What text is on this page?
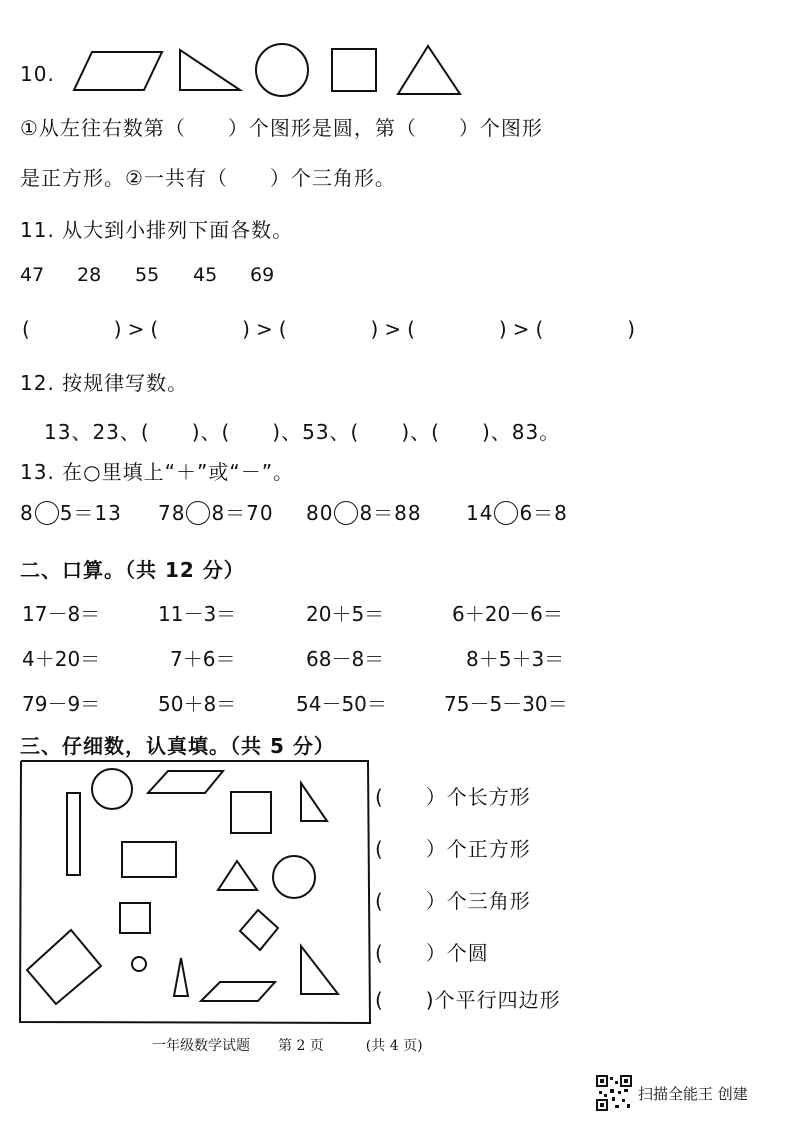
10.
①从左往右数第（　　）个图形是圆，第（　　）个图形
是正方形。②一共有（　　）个三角形。
11. 从大到小排列下面各数。
47 28 55 45 69
(　　　)>(　　　)>(　　　)>(　　　)>(　　　)
12. 按规律写数。
13、23、(　　)、(　　)、53、(　　)、(　　)、83。
13. 在○里填上“＋”或“－”。
8 5＝13 78 8＝70 80 8＝88 14 6＝8
二、口算。（共 12 分）
17－8＝	11－3＝	20＋5＝	6＋20－6＝
4＋20＝	7＋6＝	68－8＝	8＋5＋3＝
79－9＝	50＋8＝	54－50＝	75－5－30＝
三、仔细数，认真填。（共 5 分）
(　　）个长方形
(　　）个正方形
(　　）个三角形
(　　）个圆
(　　)个平行四边形
一年级数学试题　　第 2 页　　　(共 4 页)
扫描全能王 创建
